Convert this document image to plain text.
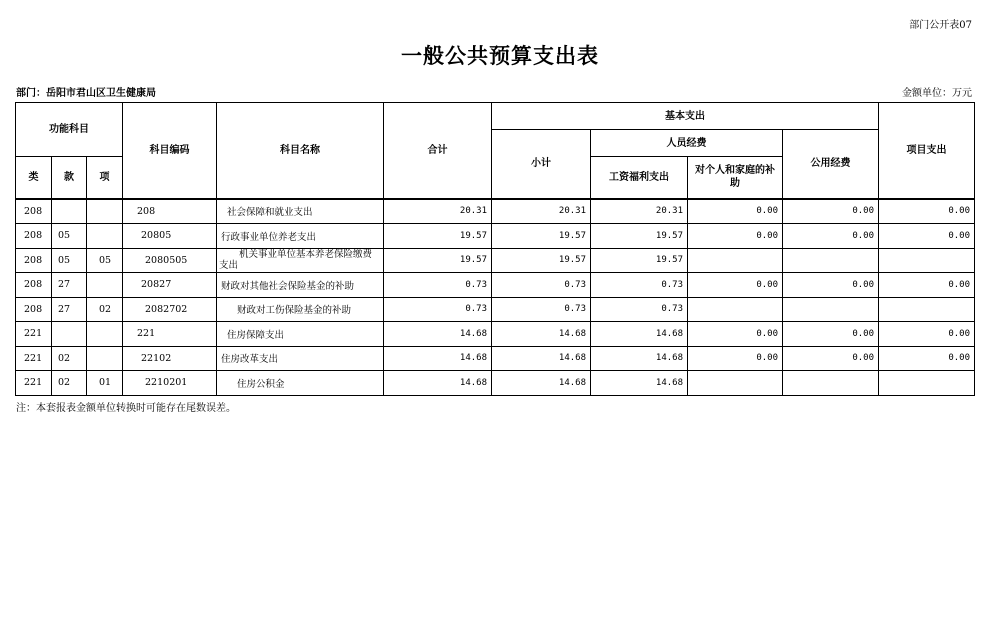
部门公开表07
一般公共预算支出表
部门：岳阳市君山区卫生健康局	金额单位：万元
功能科目			科目编码	科目名称	合计	基本支出				项目支出
						小计	人员经费		公用经费	
类	款	项					工资福利支出	对个人和家庭的补助		

208			208	社会保障和就业支出	20.31	20.31	20.31	0.00	0.00	0.00
208	05		20805	行政事业单位养老支出	19.57	19.57	19.57	0.00	0.00	0.00
208	05	05	2080505	机关事业单位基本养老保险缴费支出	19.57	19.57	19.57			
208	27		20827	财政对其他社会保险基金的补助	0.73	0.73	0.73	0.00	0.00	0.00
208	27	02	2082702	财政对工伤保险基金的补助	0.73	0.73	0.73			
221			221	住房保障支出	14.68	14.68	14.68	0.00	0.00	0.00
221	02		22102	住房改革支出	14.68	14.68	14.68	0.00	0.00	0.00
221	02	01	2210201	住房公积金	14.68	14.68	14.68			
注：本套报表金额单位转换时可能存在尾数误差。
